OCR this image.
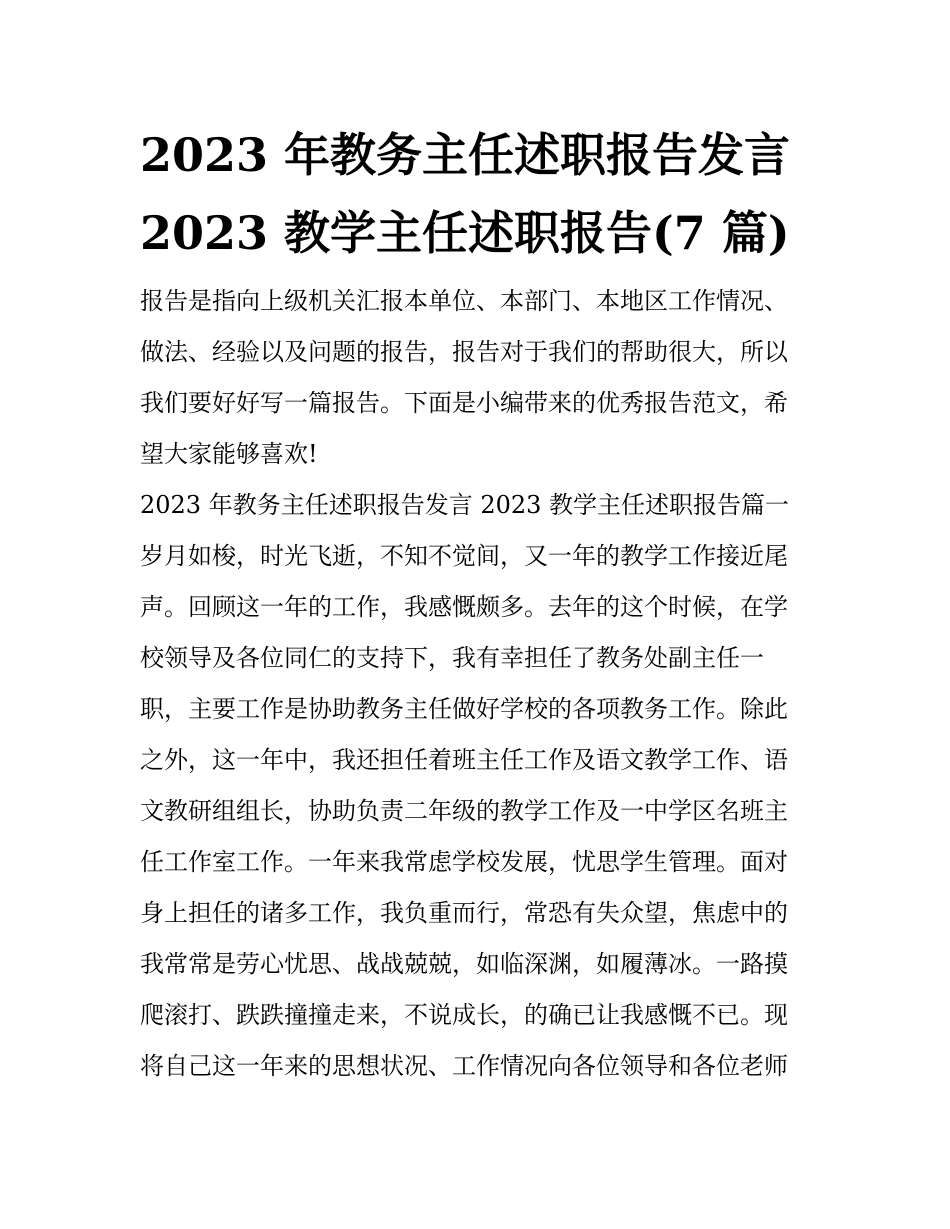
2023 年教务主任述职报告发言
2023 教学主任述职报告(7 篇)
报告是指向上级机关汇报本单位、本部门、本地区工作情况、
做法、经验以及问题的报告，报告对于我们的帮助很大，所以
我们要好好写一篇报告。下面是小编带来的优秀报告范文，希
望大家能够喜欢!
2023 年教务主任述职报告发言 2023 教学主任述职报告篇一
岁月如梭，时光飞逝，不知不觉间，又一年的教学工作接近尾
声。回顾这一年的工作，我感慨颇多。去年的这个时候，在学
校领导及各位同仁的支持下，我有幸担任了教务处副主任一
职，主要工作是协助教务主任做好学校的各项教务工作。除此
之外，这一年中，我还担任着班主任工作及语文教学工作、语
文教研组组长，协助负责二年级的教学工作及一中学区名班主
任工作室工作。一年来我常虑学校发展，忧思学生管理。面对
身上担任的诸多工作，我负重而行，常恐有失众望，焦虑中的
我常常是劳心忧思、战战兢兢，如临深渊，如履薄冰。一路摸
爬滚打、跌跌撞撞走来，不说成长，的确已让我感慨不已。现
将自己这一年来的思想状况、工作情况向各位领导和各位老师
